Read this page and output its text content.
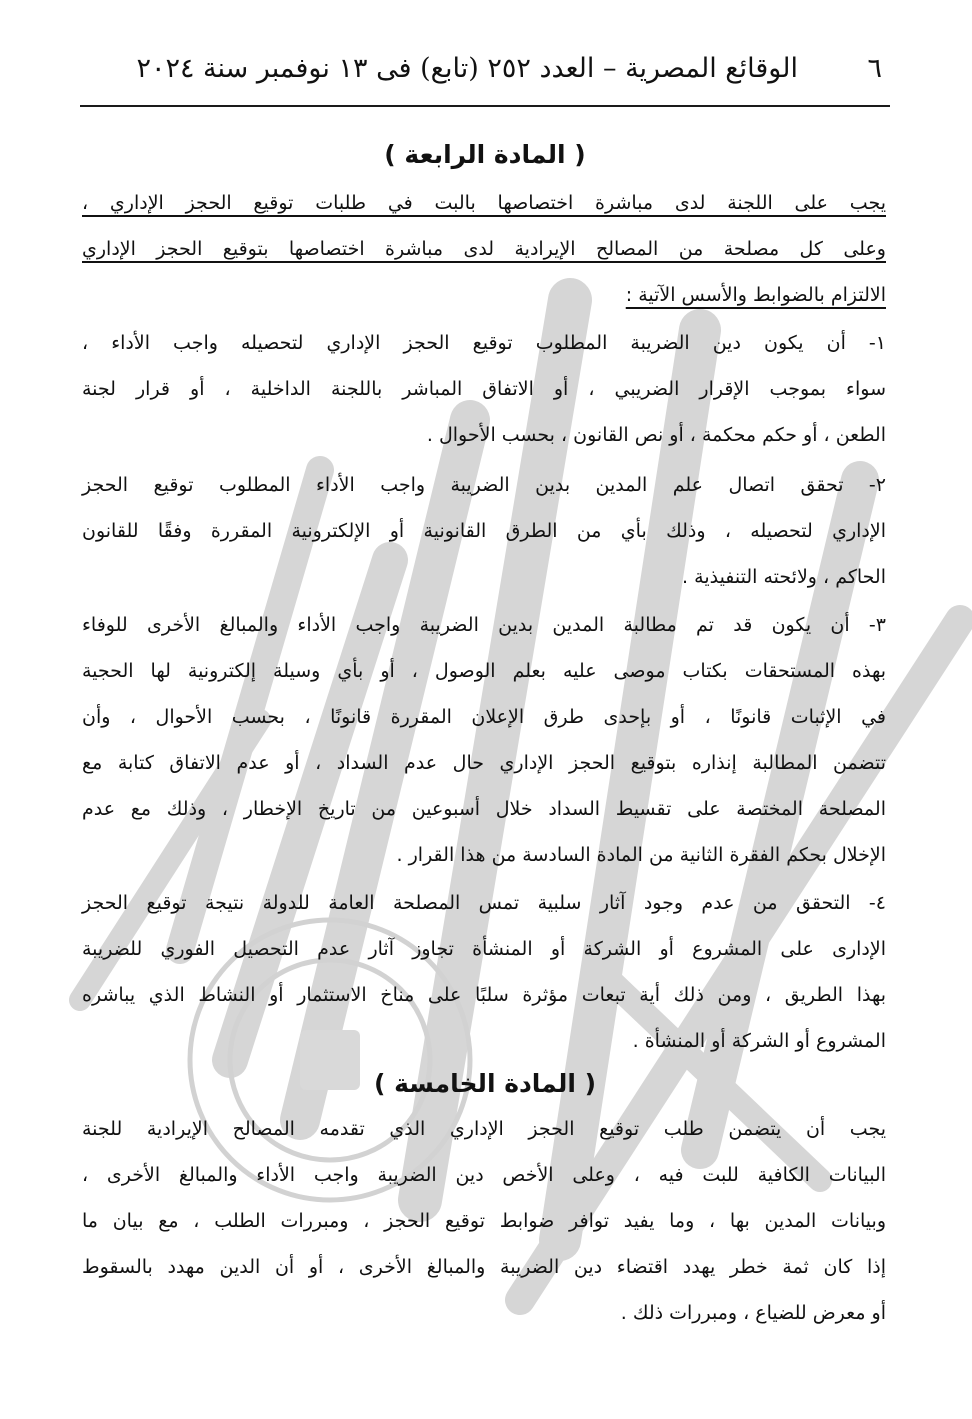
٦
الوقائع المصرية – العدد ٢٥٢ (تابع) فى ١٣ نوفمبر سنة ٢٠٢٤
( المادة الرابعة )
يجب على اللجنة لدى مباشرة اختصاصها بالبت في طلبات توقيع الحجز الإداري ،
وعلى كل مصلحة من المصالح الإيرادية لدى مباشرة اختصاصها بتوقيع الحجز الإداري
الالتزام بالضوابط والأسس الآتية :
١- أن يكون دين الضريبة المطلوب توقيع الحجز الإداري لتحصيله واجب الأداء ،
سواء بموجب الإقرار الضريبي ، أو الاتفاق المباشر باللجنة الداخلية ، أو قرار لجنة
الطعن ، أو حكم محكمة ، أو نص القانون ، بحسب الأحوال .
٢- تحقق اتصال علم المدين بدين الضريبة واجب الأداء المطلوب توقيع الحجز
الإداري لتحصيله ، وذلك بأي من الطرق القانونية أو الإلكترونية المقررة وفقًا للقانون
الحاكم ، ولائحته التنفيذية .
٣- أن يكون قد تم مطالبة المدين بدين الضريبة واجب الأداء والمبالغ الأخرى للوفاء
بهذه المستحقات بكتاب موصى عليه بعلم الوصول ، أو بأي وسيلة إلكترونية لها الحجية
في الإثبات قانونًا ، أو بإحدى طرق الإعلان المقررة قانونًا ، بحسب الأحوال ، وأن
تتضمن المطالبة إنذاره بتوقيع الحجز الإداري حال عدم السداد ، أو عدم الاتفاق كتابة مع
المصلحة المختصة على تقسيط السداد خلال أسبوعين من تاريخ الإخطار ، وذلك مع عدم
الإخلال بحكم الفقرة الثانية من المادة السادسة من هذا القرار .
٤- التحقق من عدم وجود آثار سلبية تمس المصلحة العامة للدولة نتيجة توقيع الحجز
الإدارى على المشروع أو الشركة أو المنشأة تجاوز آثار عدم التحصيل الفوري للضريبة
بهذا الطريق ، ومن ذلك أية تبعات مؤثرة سلبًا على مناخ الاستثمار أو النشاط الذي يباشره
المشروع أو الشركة أو المنشأة .
( المادة الخامسة )
يجب أن يتضمن طلب توقيع الحجز الإداري الذي تقدمه المصالح الإيرادية للجنة
البيانات الكافية للبت فيه ، وعلى الأخص دين الضريبة واجب الأداء والمبالغ الأخرى ،
وبيانات المدين بها ، وما يفيد توافر ضوابط توقيع الحجز ، ومبررات الطلب ، مع بيان ما
إذا كان ثمة خطر يهدد اقتضاء دين الضريبة والمبالغ الأخرى ، أو أن الدين مهدد بالسقوط
أو معرض للضياع ، ومبررات ذلك .
